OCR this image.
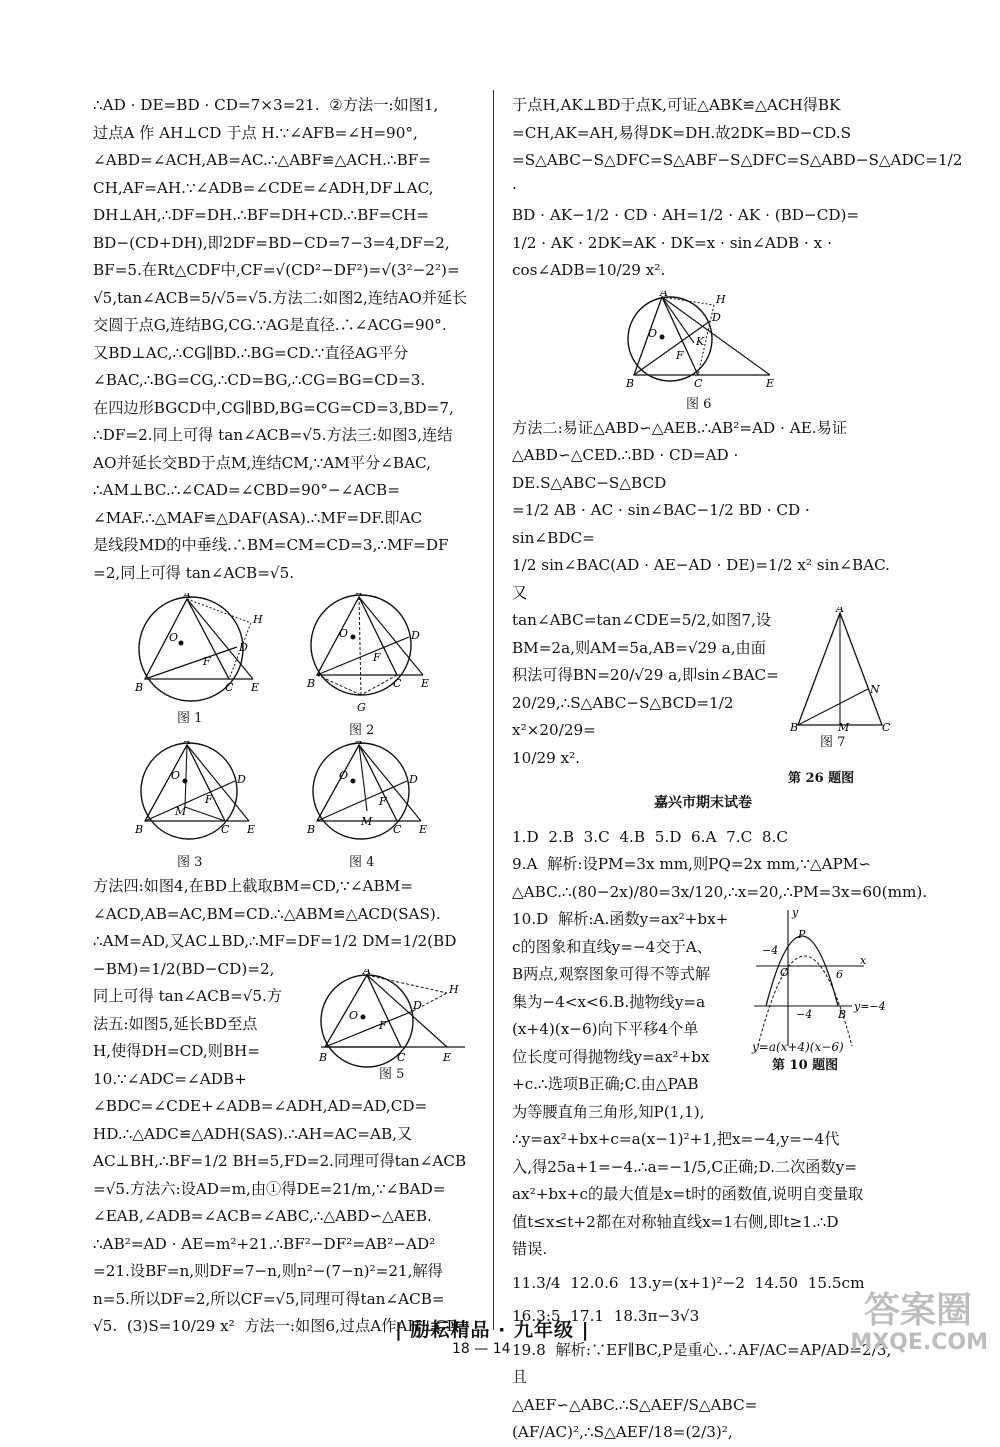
∴AD · DE=BD · CD=7×3=21.  ②方法一:如图1,

过点A 作 AH⊥CD 于点 H.∵∠AFB=∠H=90°,

∠ABD=∠ACH,AB=AC.∴△ABF≌△ACH.∴BF=

CH,AF=AH.∵∠ADB=∠CDE=∠ADH,DF⊥AC,

DH⊥AH,∴DF=DH.∴BF=DH+CD.∴BF=CH=

BD−(CD+DH),即2DF=BD−CD=7−3=4,DF=2,

BF=5.在Rt△CDF中,CF=√(CD²−DF²)=√(3²−2²)=

√5,tan∠ACB=5/√5=√5.方法二:如图2,连结AO并延长

交圆于点G,连结BG,CG.∵AG是直径.∴∠ACG=90°.

又BD⊥AC,∴CG∥BD.∴BG=CD.∵直径AG平分

∠BAC,∴BG=CG,∴CD=BG,∴CG=BG=CD=3.

在四边形BGCD中,CG∥BD,BG=CG=CD=3,BD=7,

∴DF=2.同上可得 tan∠ACB=√5.方法三:如图3,连结

AO并延长交BD于点M,连结CM,∵AM平分∠BAC,

∴AM⊥BC.∴∠CAD=∠CBD=90°−∠ACB=

∠MAF.∴△MAF≌△DAF(ASA).∴MF=DF.即AC

是线段MD的中垂线.∴BM=CM=CD=3,∴MF=DF

=2,同上可得 tan∠ACB=√5.

A
O
B	C E
D
F
H
图 1
O
B	C E
D
F
G
图 2
O
B	C E
D
F
M
图 3
O
B	C E
D
F
M
图 4

方法四:如图4,在BD上截取BM=CD,∵∠ABM=

∠ACD,AB=AC,BM=CD.∴△ABM≌△ACD(SAS).

∴AM=AD,又AC⊥BD,∴MF=DF=1/2 DM=1/2(BD

−BM)=1/2(BD−CD)=2,

同上可得 tan∠ACB=√5.方

法五:如图5,延长BD至点

H,使得DH=CD,则BH=

10.∵∠ADC=∠ADB+

A
O
B	C	E
D
F
H
图 5

∠BDC=∠CDE+∠ADB=∠ADH,AD=AD,CD=

HD.∴△ADC≌△ADH(SAS).∴AH=AC=AB,又

AC⊥BH,∴BF=1/2 BH=5,FD=2.同理可得tan∠ACB

=√5.方法六:设AD=m,由①得DE=21/m,∵∠BAD=

∠EAB,∠ADB=∠ACB=∠ABC,∴△ABD∽△AEB.

∴AB²=AD · AE=m²+21.∴BF²−DF²=AB²−AD²

=21.设BF=n,则DF=7−n,则n²−(7−n)²=21,解得

n=5.所以DF=2,所以CF=√5,同理可得tan∠ACB=

√5.  (3)S=10/29 x²  方法一:如图6,过点A作AH⊥CD

于点H,AK⊥BD于点K,可证△ABK≌△ACH得BK

=CH,AK=AH,易得DK=DH.故2DK=BD−CD.S

=S△ABC−S△DFC=S△ABF−S△DFC=S△ABD−S△ADC=1/2 ·

BD · AK−1/2 · CD · AH=1/2 · AK · (BD−CD)=

1/2 · AK · 2DK=AK · DK=x · sin∠ADB · x ·

cos∠ADB=10/29 x².

A
O
B	C	E
D
F
H
K
图 6

方法二:易证△ABD∽△AEB.∴AB²=AD · AE.易证

△ABD∽△CED.∴BD · CD=AD · DE.S△ABC−S△BCD

=1/2 AB · AC · sin∠BAC−1/2 BD · CD · sin∠BDC=

1/2 sin∠BAC(AD · AE−AD · DE)=1/2 x² sin∠BAC.又

tan∠ABC=tan∠CDE=5/2,如图7,设

BM=2a,则AM=5a,AB=√29 a,由面

积法可得BN=20/√29 a,即sin∠BAC=

20/29,∴S△ABC−S△BCD=1/2 x²×20/29=

10/29 x².

A
B	C
M
N
图 7
第 26 题图
嘉兴市期末试卷

1.D  2.B  3.C  4.B  5.D  6.A  7.C  8.C

9.A  解析:设PM=3x mm,则PQ=2x mm,∵△APM∽

△ABC.∴(80−2x)/80=3x/120,∴x=20,∴PM=3x=60(mm).

10.D  解析:A.函数y=ax²+bx+

c的图象和直线y=−4交于A、

B两点,观察图象可得不等式解

集为−4<x<6.B.抛物线y=a

(x+4)(x−6)向下平移4个单

位长度可得抛物线y=ax²+bx

+c.∴选项B正确;C.由△PAB

为等腰直角三角形,知P(1,1),

y
x
O
P
−4
−4 B
y=−4
6
y=a(x+4)(x−6)
第 10 题图

∴y=ax²+bx+c=a(x−1)²+1,把x=−4,y=−4代

入,得25a+1=−4.∴a=−1/5,C正确;D.二次函数y=

ax²+bx+c的最大值是x=t时的函数值,说明自变量取

值t≤x≤t+2都在对称轴直线x=1右侧,即t≥1.∴D

错误.

11.3/4  12.0.6  13.y=(x+1)²−2  14.50  15.5cm

16.3:5  17.1  18.3π−3√3

19.8  解析:∵EF∥BC,P是重心.∴AF/AC=AP/AD=2/3,且

△AEF∽△ABC.∴S△AEF/S△ABC=(AF/AC)²,∴S△AEF/18=(2/3)²,

| 励耘精品 · 九年级 |
18 — 14
答案圈
MXQE.COM
